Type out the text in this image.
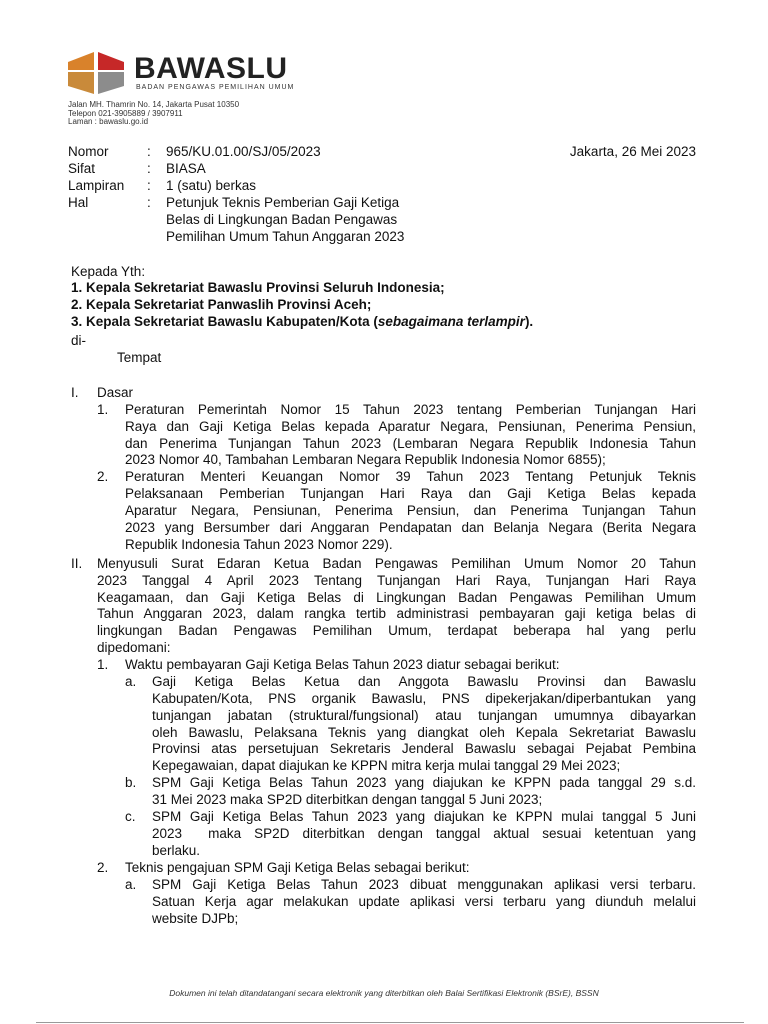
BAWASLU
BADAN PENGAWAS PEMILIHAN UMUM
Jalan MH. Thamrin No. 14, Jakarta Pusat 10350
Telepon 021-3905889 / 3907911
Laman : bawaslu.go.id
Nomor	: 965/KU.01.00/SJ/05/2023	Jakarta, 26 Mei 2023
Sifat	: BIASA
Lampiran : 1 (satu) berkas
Hal	: Petunjuk Teknis Pemberian Gaji Ketiga
Belas di Lingkungan Badan Pengawas
Pemilihan Umum Tahun Anggaran 2023
Kepada Yth:
1. Kepala Sekretariat Bawaslu Provinsi Seluruh Indonesia;
2. Kepala Sekretariat Panwaslih Provinsi Aceh;
3. Kepala Sekretariat Bawaslu Kabupaten/Kota (sebagaimana terlampir).
di-
Tempat
I. Dasar
1. Peraturan Pemerintah Nomor 15 Tahun 2023 tentang Pemberian Tunjangan Hari
Raya dan Gaji Ketiga Belas kepada Aparatur Negara, Pensiunan, Penerima Pensiun,
dan Penerima Tunjangan Tahun 2023 (Lembaran Negara Republik Indonesia Tahun
2023 Nomor 40, Tambahan Lembaran Negara Republik Indonesia Nomor 6855);
2. Peraturan Menteri Keuangan Nomor 39 Tahun 2023 Tentang Petunjuk Teknis
Pelaksanaan Pemberian Tunjangan Hari Raya dan Gaji Ketiga Belas kepada
Aparatur Negara, Pensiunan, Penerima Pensiun, dan Penerima Tunjangan Tahun
2023 yang Bersumber dari Anggaran Pendapatan dan Belanja Negara (Berita Negara
Republik Indonesia Tahun 2023 Nomor 229).
II. Menyusuli Surat Edaran Ketua Badan Pengawas Pemilihan Umum Nomor 20 Tahun
2023 Tanggal 4 April 2023 Tentang Tunjangan Hari Raya, Tunjangan Hari Raya
Keagamaan, dan Gaji Ketiga Belas di Lingkungan Badan Pengawas Pemilihan Umum
Tahun Anggaran 2023, dalam rangka tertib administrasi pembayaran gaji ketiga belas di
lingkungan Badan Pengawas Pemilihan Umum, terdapat beberapa hal yang perlu
dipedomani:
1. Waktu pembayaran Gaji Ketiga Belas Tahun 2023 diatur sebagai berikut:
a. Gaji Ketiga Belas Ketua dan Anggota Bawaslu Provinsi dan Bawaslu
Kabupaten/Kota, PNS organik Bawaslu, PNS dipekerjakan/diperbantukan yang
tunjangan jabatan (struktural/fungsional) atau tunjangan umumnya dibayarkan
oleh Bawaslu, Pelaksana Teknis yang diangkat oleh Kepala Sekretariat Bawaslu
Provinsi atas persetujuan Sekretaris Jenderal Bawaslu sebagai Pejabat Pembina
Kepegawaian, dapat diajukan ke KPPN mitra kerja mulai tanggal 29 Mei 2023;
b. SPM Gaji Ketiga Belas Tahun 2023 yang diajukan ke KPPN pada tanggal 29 s.d.
31 Mei 2023 maka SP2D diterbitkan dengan tanggal 5 Juni 2023;
c. SPM Gaji Ketiga Belas Tahun 2023 yang diajukan ke KPPN mulai tanggal 5 Juni
2023  maka SP2D diterbitkan dengan tanggal aktual sesuai ketentuan yang
berlaku.
2. Teknis pengajuan SPM Gaji Ketiga Belas sebagai berikut:
a. SPM Gaji Ketiga Belas Tahun 2023 dibuat menggunakan aplikasi versi terbaru.
Satuan Kerja agar melakukan update aplikasi versi terbaru yang diunduh melalui
website DJPb;
Dokumen ini telah ditandatangani secara elektronik yang diterbitkan oleh Balai Sertifikasi Elektronik (BSrE), BSSN
